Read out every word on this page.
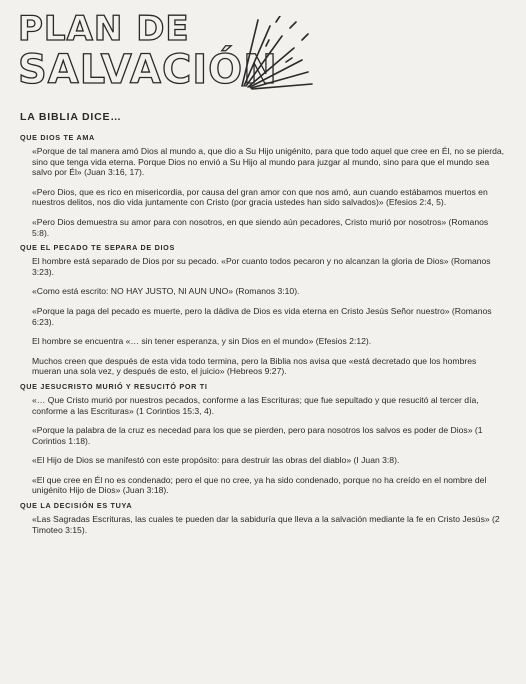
PLAN DE
SALVACIÓN
LA BIBLIA DICE…
QUE DIOS TE AMA

«Porque de tal manera amó Dios al mundo a, que dio a Su Hijo unigénito, para que todo aquel que cree en Él, no se pierda, sino que tenga vida eterna. Porque Dios no envió a Su Hijo al mundo para juzgar al mundo, sino para que el mundo sea salvo por Él» (Juan 3:16, 17).

«Pero Dios, que es rico en misericordia, por causa del gran amor con que nos amó, aun cuando estábamos muertos en nuestros delitos, nos dio vida juntamente con Cristo (por gracia ustedes han sido salvados)» (Efesios 2:4, 5).

«Pero Dios demuestra su amor para con nosotros, en que siendo aún pecadores, Cristo murió por nosotros» (Romanos 5:8).

QUE EL PECADO TE SEPARA DE DIOS

El hombre está separado de Dios por su pecado. «Por cuanto todos pecaron y no alcanzan la gloria de Dios» (Romanos 3:23).

«Como está escrito: NO HAY JUSTO, NI AUN UNO» (Romanos 3:10).

«Porque la paga del pecado es muerte, pero la dádiva de Dios es vida eterna en Cristo Jesús Señor nuestro» (Romanos 6:23).

El hombre se encuentra «… sin tener esperanza, y sin Dios en el mundo» (Efesios 2:12).

Muchos creen que después de esta vida todo termina, pero la Biblia nos avisa que «está decretado que los hombres mueran una sola vez, y después de esto, el juicio» (Hebreos 9:27).

QUE JESUCRISTO MURIÓ Y RESUCITÓ POR TI

«… Que Cristo murió por nuestros pecados, conforme a las Escrituras; que fue sepultado y que resucitó al tercer día, conforme a las Escrituras» (1 Corintios 15:3, 4).

«Porque la palabra de la cruz es necedad para los que se pierden, pero para nosotros los salvos es poder de Dios» (1 Corintios 1:18).

«El Hijo de Dios se manifestó con este propósito: para destruir las obras del diablo» (I Juan 3:8).

«El que cree en Él no es condenado; pero el que no cree, ya ha sido condenado, porque no ha creído en el nombre del unigénito Hijo de Dios» (Juan 3:18).

QUE LA DECISIÓN ES TUYA

«Las Sagradas Escrituras, las cuales te pueden dar la sabiduría que lleva a la salvación mediante la fe en Cristo Jesús» (2 Timoteo 3:15).
